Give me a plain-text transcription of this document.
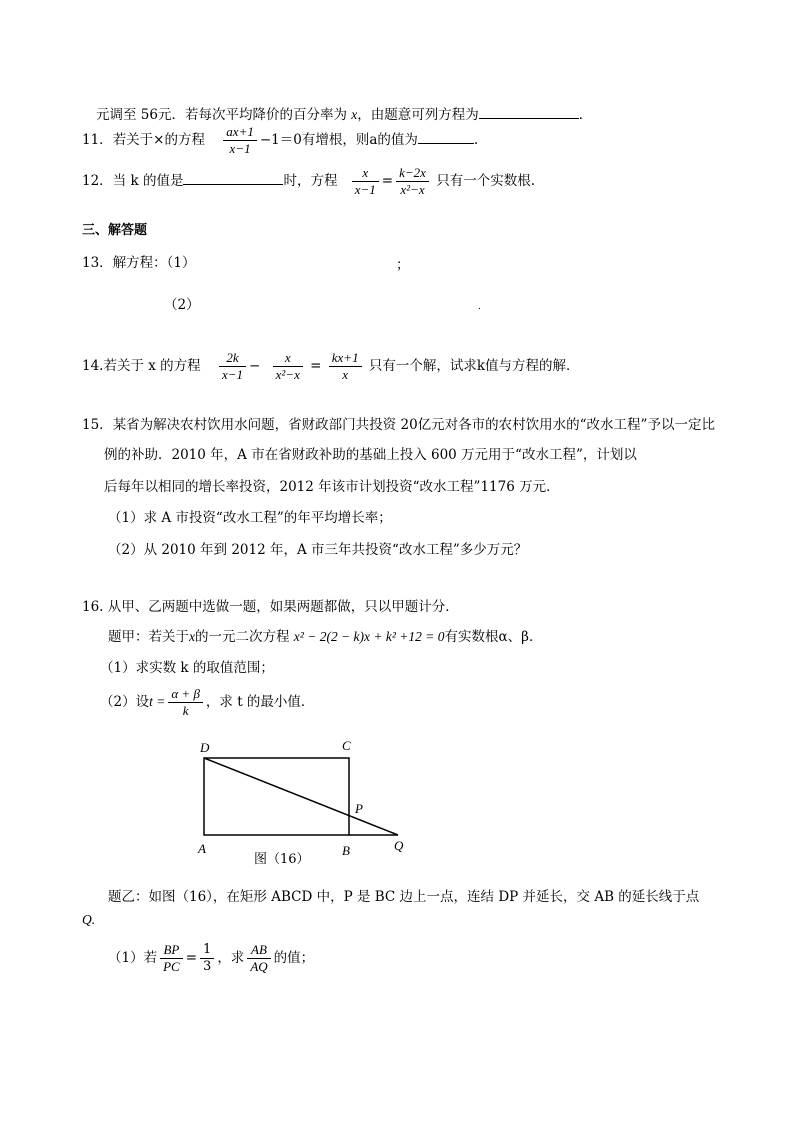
元调至 56元．若每次平均降价的百分率为 x，由题意可列方程为	．
11．若关于×的方程 $\frac{ax+1}{x-1} -1=0$有增根，则a的值为	.
12．当 k 的值是	时，方程 $\frac{x}{x-1} = \frac{k-2x}{\text{x²−x}}$ 只有一个实数根.
三、解答题
13．解方程：（1）	；
（2）	.
14.若关于 x 的方程 $\frac{2k}{x-1} - \frac{x}{\text{x²−x}} = \frac{kx+1}{x}$ 只有一个解，试求k值与方程的解．
15．某省为解决农村饮用水问题，省财政部门共投资 20亿元对各市的农村饮用水的“改水工程”予以一定比
例的补助．2010 年，A 市在省财政补助的基础上投入 600 万元用于“改水工程”，计划以
后每年以相同的增长率投资，2012 年该市计划投资“改水工程”1176 万元．
（1）求 A 市投资“改水工程”的年平均增长率；
（2）从 2010 年到 2012 年，A 市三年共投资“改水工程”多少万元？
16. 从甲、乙两题中选做一题，如果两题都做，只以甲题计分．
题甲：若关于x的一元二次方程 x² − 2(2 − k)x + k² +12 = 0有实数根α、β．
（1）求实数 k 的取值范围；
（2）设$t = \frac{\alpha + \beta}{k}$ ，求 t 的最小值．
D	C
P
A	B	Q
图（16）
题乙：如图（16），在矩形 ABCD 中，P 是 BC 边上一点，连结 DP 并延长，交 AB 的延长线于点
Q.
（1）若 $\frac{BP}{PC} = \frac{1}{3}$ ，求 $\frac{AB}{AQ}$ 的值；
